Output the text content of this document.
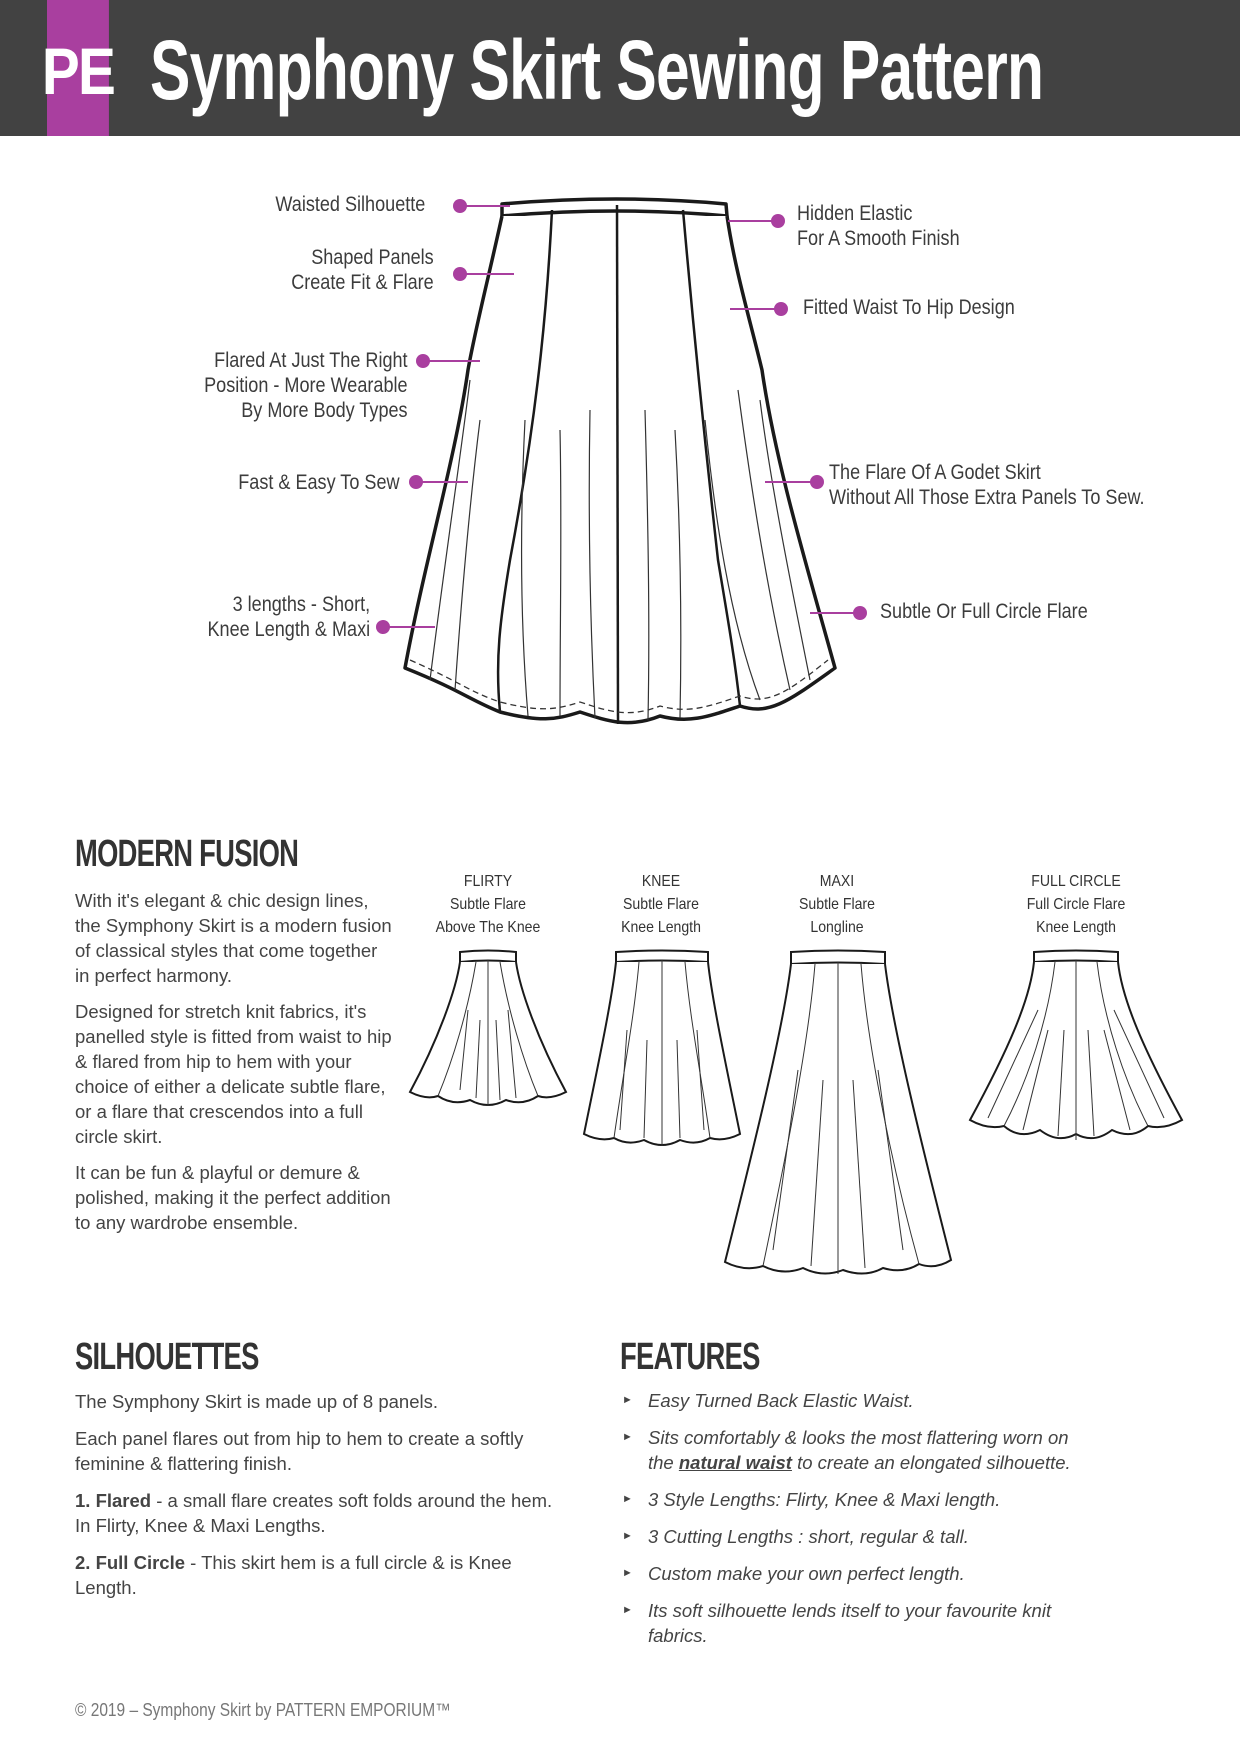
PE Symphony Skirt Sewing Pattern
Waisted Silhouette
Shaped Panels
Create Fit & Flare
Flared At Just The Right
Position - More Wearable
By More Body Types
Fast & Easy To Sew
3 lengths - Short,
Knee Length & Maxi
Hidden Elastic
For A Smooth Finish
Fitted Waist To Hip Design
The Flare Of A Godet Skirt
Without All Those Extra Panels To Sew.
Subtle Or Full Circle Flare
MODERN FUSION

With it's elegant & chic design lines, the Symphony Skirt is a modern fusion of classical styles that come together in perfect harmony.

Designed for stretch knit fabrics, it's panelled style is fitted from waist to hip & flared from hip to hem with your choice of either a delicate subtle flare, or a flare that crescendos into a full circle skirt.

It can be fun & playful or demure & polished, making it the perfect addition to any wardrobe ensemble.

FLIRTY
Subtle Flare
Above The Knee
KNEE
Subtle Flare
Knee Length
MAXI
Subtle Flare
Longline
FULL CIRCLE
Full Circle Flare
Knee Length
SILHOUETTES

The Symphony Skirt is made up of 8 panels.

Each panel flares out from hip to hem to create a softly feminine & flattering finish.

1. Flared - a small flare creates soft folds around the hem. In Flirty, Knee & Maxi Lengths.

2. Full Circle - This skirt hem is a full circle & is Knee Length.

FEATURES
► Easy Turned Back Elastic Waist.
► Sits comfortably & looks the most flattering worn on the natural waist to create an elongated silhouette.
► 3 Style Lengths: Flirty, Knee & Maxi length.
► 3 Cutting Lengths : short, regular & tall.
► Custom make your own perfect length.
► Its soft silhouette lends itself to your favourite knit fabrics.
© 2019 – Symphony Skirt by PATTERN EMPORIUM™
